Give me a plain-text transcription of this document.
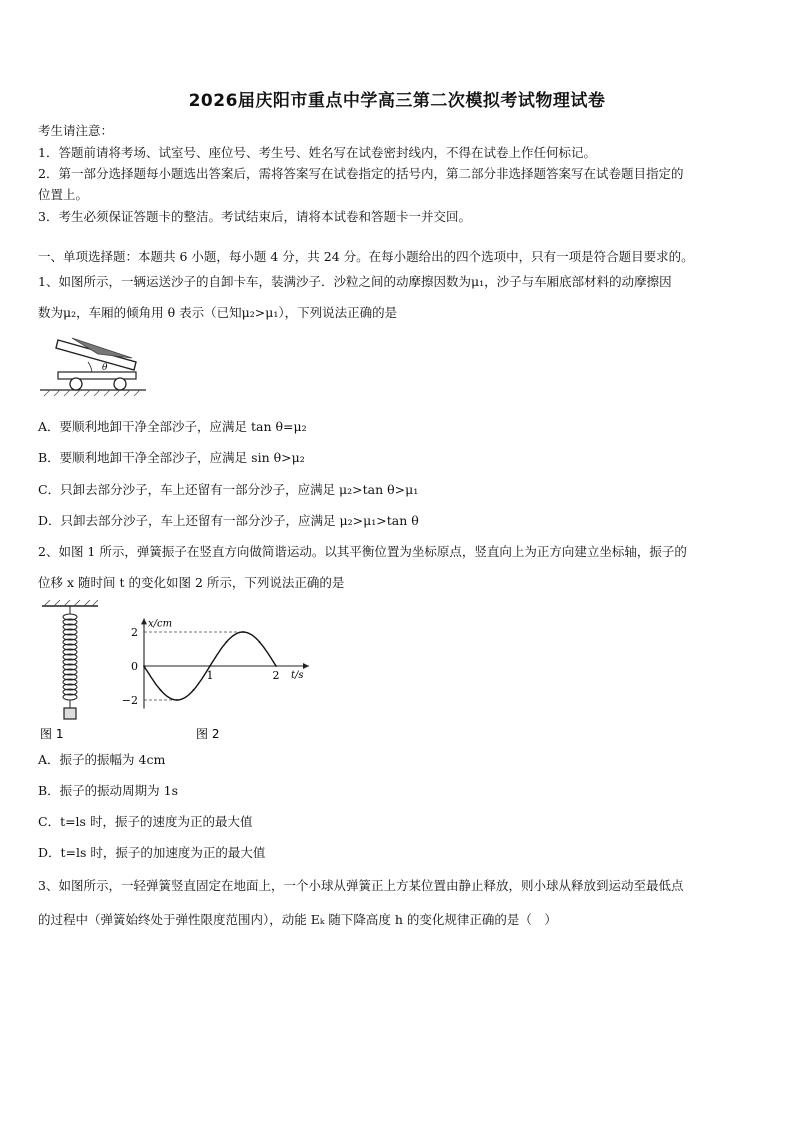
2026届庆阳市重点中学高三第二次模拟考试物理试卷
考生请注意：
1．答题前请将考场、试室号、座位号、考生号、姓名写在试卷密封线内，不得在试卷上作任何标记。
2．第一部分选择题每小题选出答案后，需将答案写在试卷指定的括号内，第二部分非选择题答案写在试卷题目指定的
位置上。
3．考生必须保证答题卡的整洁。考试结束后，请将本试卷和答题卡一并交回。
一、单项选择题：本题共 6 小题，每小题 4 分，共 24 分。在每小题给出的四个选项中，只有一项是符合题目要求的。
1、如图所示，一辆运送沙子的自卸卡车，装满沙子．沙粒之间的动摩擦因数为μ₁，沙子与车厢底部材料的动摩擦因
数为μ₂，车厢的倾角用 θ 表示（已知μ₂>μ₁），下列说法正确的是
θ
A．要顺利地卸干净全部沙子，应满足 tan θ=μ₂
B．要顺利地卸干净全部沙子，应满足 sin θ>μ₂
C．只卸去部分沙子，车上还留有一部分沙子，应满足 μ₂>tan θ>μ₁
D．只卸去部分沙子，车上还留有一部分沙子，应满足 μ₂>μ₁>tan θ
2、如图 1 所示，弹簧振子在竖直方向做简谐运动。以其平衡位置为坐标原点，竖直向上为正方向建立坐标轴，振子的
位移 x 随时间 t 的变化如图 2 所示，下列说法正确的是
图 1
x/cm
t/s
2
0
−2
1	2
图 2
A．振子的振幅为 4cm
B．振子的振动周期为 1s
C．t=ls 时，振子的速度为正的最大值
D．t=ls 时，振子的加速度为正的最大值
3、如图所示，一轻弹簧竖直固定在地面上，一个小球从弹簧正上方某位置由静止释放，则小球从释放到运动至最低点
的过程中（弹簧始终处于弹性限度范围内），动能 Eₖ 随下降高度 h 的变化规律正确的是（　）
